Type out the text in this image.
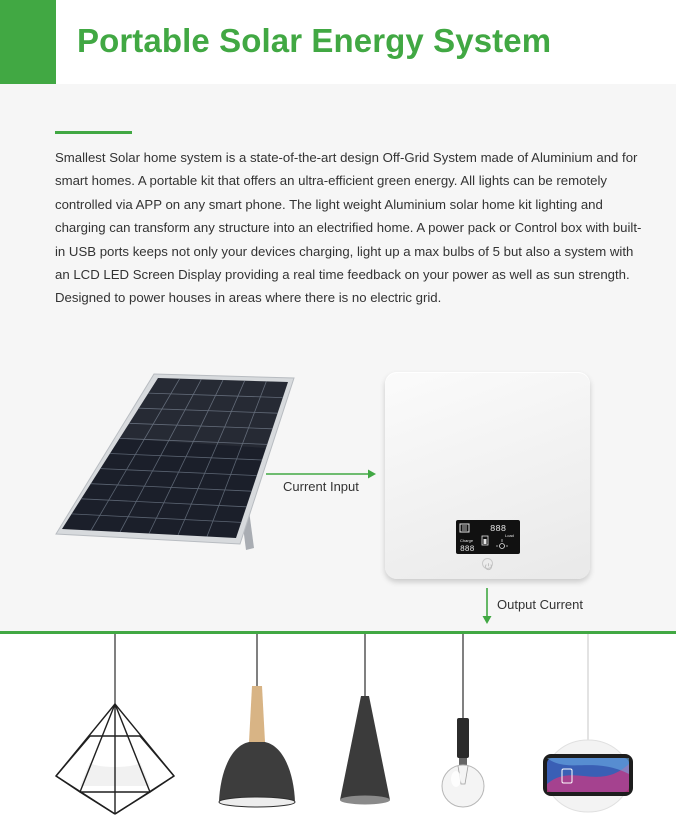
Portable Solar Energy System

Smallest Solar home system is a state-of-the-art design Off-Grid System made of Aluminium and for smart homes. A portable kit that offers an ultra-efficient green energy. All lights can be remotely controlled via APP on any smart phone. The light weight Aluminium solar home kit lighting and charging can transform any structure into an electrified home. A power pack or Control box with built-in USB ports keeps not only your devices charging, light up a max bulbs of 5 but also a system with an LCD LED Screen Display providing a real time feedback on your power as well as sun strength. Designed to power houses in areas where there is no electric grid.

888
Load
Charge
888
Current Input
Output Current
